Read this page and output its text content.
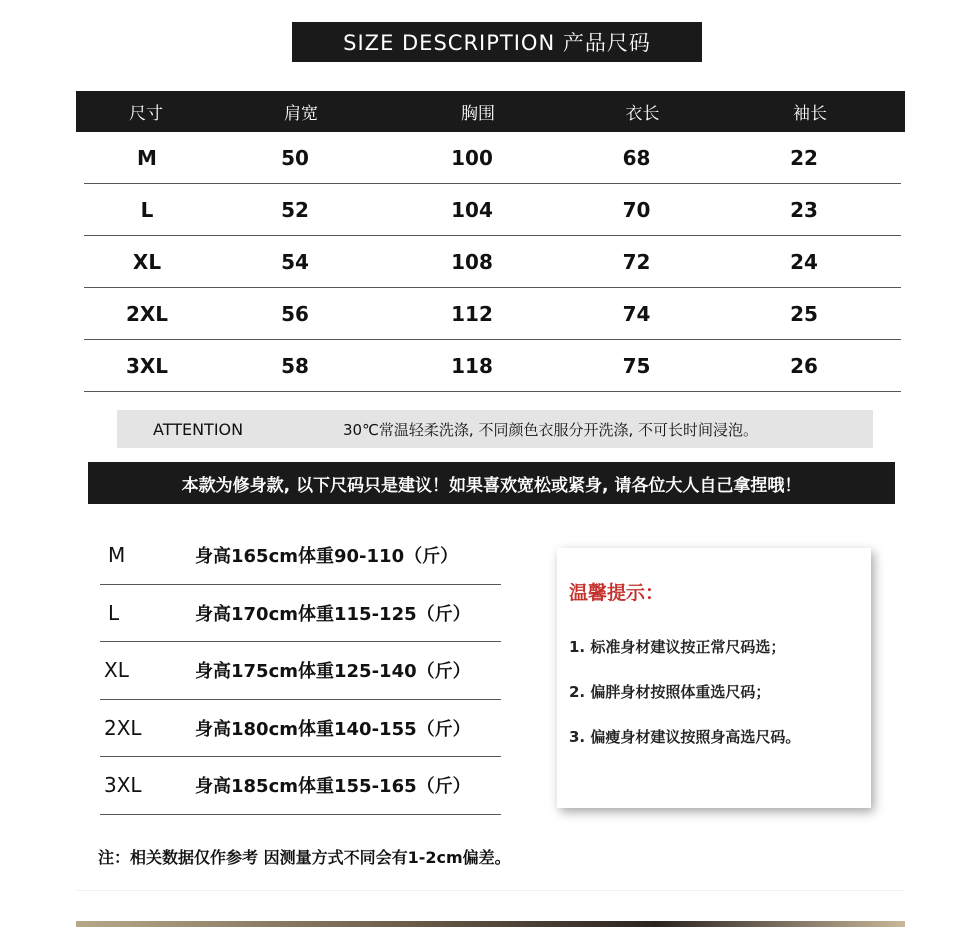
SIZE DESCRIPTION 产品尺码
尺寸	肩宽	胸围	衣长	袖长
M	50	100	68	22
L	52	104	70	23
XL	54	108	72	24
2XL	56	112	74	25
3XL	58	118	75	26
ATTENTION	30℃常温轻柔洗涤, 不同颜色衣服分开洗涤, 不可长时间浸泡。
本款为修身款, 以下尺码只是建议！如果喜欢宽松或紧身, 请各位大人自己拿捏哦！
M	身高165cm体重90-110（斤）
L	身高170cm体重115-125（斤）
XL	身高175cm体重125-140（斤）
2XL	身高180cm体重140-155（斤）
3XL	身高185cm体重155-165（斤）
温馨提示：
1. 标准身材建议按正常尺码选；
2. 偏胖身材按照体重选尺码；
3. 偏瘦身材建议按照身高选尺码。
注：相关数据仅作参考 因测量方式不同会有1-2cm偏差。
